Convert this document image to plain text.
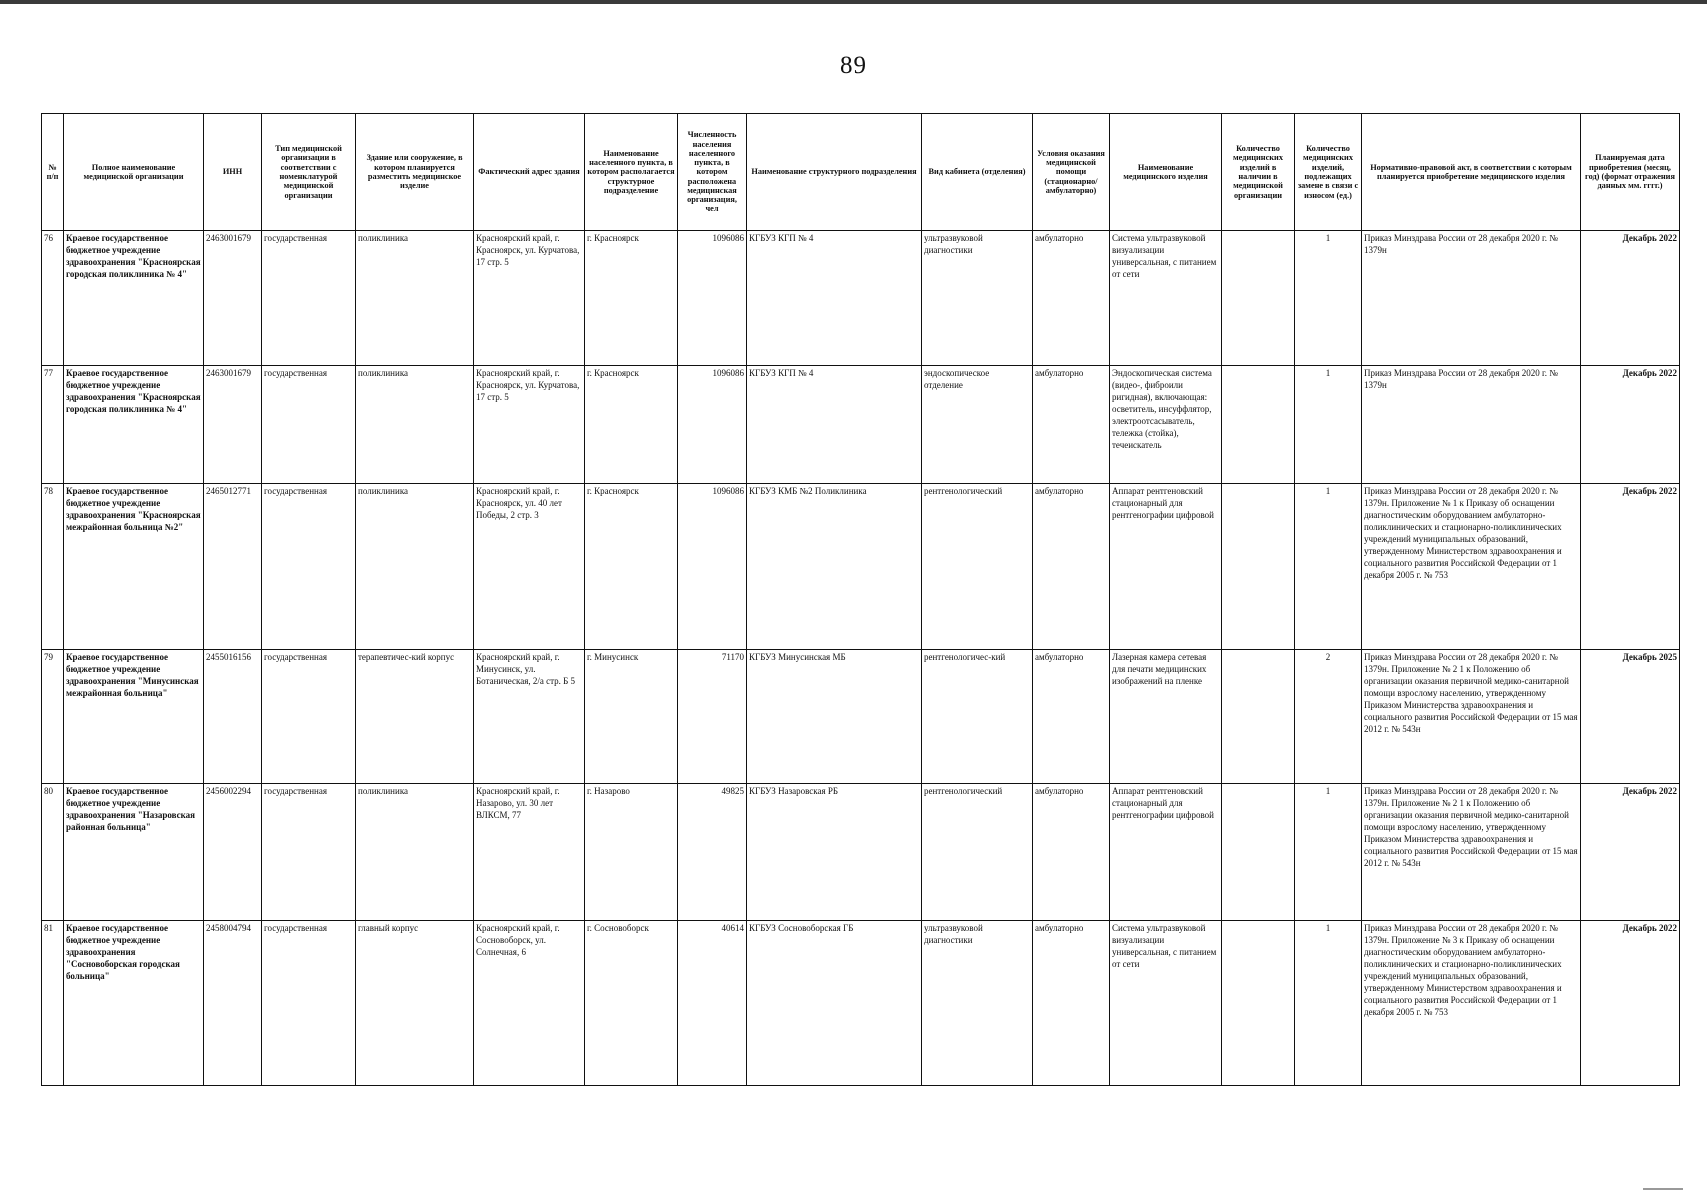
89
№ п/п	Полное наименование медицинской организации	ИНН	Тип медицинской организации в соответствии с номенклатурой медицинской организации	Здание или сооружение, в котором планируется разместить медицинское изделие	Фактический адрес здания	Наименование населенного пункта, в котором располагается структурное подразделение	Численность населения населенного пункта, в котором расположена медицинская организация, чел	Наименование структурного подразделения	Вид кабинета (отделения)	Условия оказания медицинской помощи (стационарно/ амбулаторно)	Наименование медицинского изделия	Количество медицинских изделий в наличии в медицинской организации	Количество медицинских изделий, подлежащих замене в связи с износом (ед.)	Нормативно-правовой акт, в соответствии с которым планируется приобретение медицинского изделия	Планируемая дата приобретения (месяц, год) (формат отражения данных мм. гггг.)
76	Краевое государственное бюджетное учреждение здравоохранения "Красноярская городская поликлиника № 4"	2463001679	государственная	поликлиника	Красноярский край, г. Красноярск, ул. Курчатова, 17 стр. 5	г. Красноярск	1096086	КГБУЗ КГП № 4	ультразвуковой диагностики	амбулаторно	Система ультразвуковой визуализации универсальная, с питанием от сети		1	Приказ Минздрава России от 28 декабря 2020 г. № 1379н	Декабрь 2022
77	Краевое государственное бюджетное учреждение здравоохранения "Красноярская городская поликлиника № 4"	2463001679	государственная	поликлиника	Красноярский край, г. Красноярск, ул. Курчатова, 17 стр. 5	г. Красноярск	1096086	КГБУЗ КГП № 4	эндоскопическое отделение	амбулаторно	Эндоскопическая система (видео-, фиброили ригидная), включающая: осветитель, инсуффлятор, электроотсасыватель, тележка (стойка), течеискатель		1	Приказ Минздрава России от 28 декабря 2020 г. № 1379н	Декабрь 2022
78	Краевое государственное бюджетное учреждение здравоохранения "Красноярская межрайонная больница №2"	2465012771	государственная	поликлиника	Красноярский край, г. Красноярск, ул. 40 лет Победы, 2 стр. 3	г. Красноярск	1096086	КГБУЗ КМБ №2 Поликлиника	рентгенологический	амбулаторно	Аппарат рентгеновский стационарный для рентгенографии цифровой		1	Приказ Минздрава России от 28 декабря 2020 г. № 1379н. Приложение № 1 к Приказу об оснащении диагностическим оборудованием амбулаторно-поликлинических и стационарно-поликлинических учреждений муниципальных образований, утвержденному Министерством здравоохранения и социального развития Российской Федерации от 1 декабря 2005 г. № 753	Декабрь 2022
79	Краевое государственное бюджетное учреждение здравоохранения "Минусинская межрайонная больница"	2455016156	государственная	терапевтичес-кий корпус	Красноярский край, г. Минусинск, ул. Ботаническая, 2/а стр. Б 5	г. Минусинск	71170	КГБУЗ Минусинская МБ	рентгенологичес-кий	амбулаторно	Лазерная камера сетевая для печати медицинских изображений на пленке		2	Приказ Минздрава России от 28 декабря 2020 г. № 1379н. Приложение № 2 1 к Положению об организации оказания первичной медико-санитарной помощи взрослому населению, утвержденному Приказом Министерства здравоохранения и социального развития Российской Федерации от 15 мая 2012 г. № 543н	Декабрь 2025
80	Краевое государственное бюджетное учреждение здравоохранения "Назаровская районная больница"	2456002294	государственная	поликлиника	Красноярский край, г. Назарово, ул. 30 лет ВЛКСМ, 77	г. Назарово	49825	КГБУЗ Назаровская РБ	рентгенологический	амбулаторно	Аппарат рентгеновский стационарный для рентгенографии цифровой		1	Приказ Минздрава России от 28 декабря 2020 г. № 1379н. Приложение № 2 1 к Положению об организации оказания первичной медико-санитарной помощи взрослому населению, утвержденному Приказом Министерства здравоохранения и социального развития Российской Федерации от 15 мая 2012 г. № 543н	Декабрь 2022
81	Краевое государственное бюджетное учреждение здравоохранения "Сосновоборская городская больница"	2458004794	государственная	главный корпус	Красноярский край, г. Сосновоборск, ул. Солнечная, 6	г. Сосновоборск	40614	КГБУЗ Сосновоборская ГБ	ультразвуковой диагностики	амбулаторно	Система ультразвуковой визуализации универсальная, с питанием от сети		1	Приказ Минздрава России от 28 декабря 2020 г. № 1379н. Приложение № 3 к Приказу об оснащении диагностическим оборудованием амбулаторно-поликлинических и стационарно-поликлинических учреждений муниципальных образований, утвержденному Министерством здравоохранения и социального развития Российской Федерации от 1 декабря 2005 г. № 753	Декабрь 2022
